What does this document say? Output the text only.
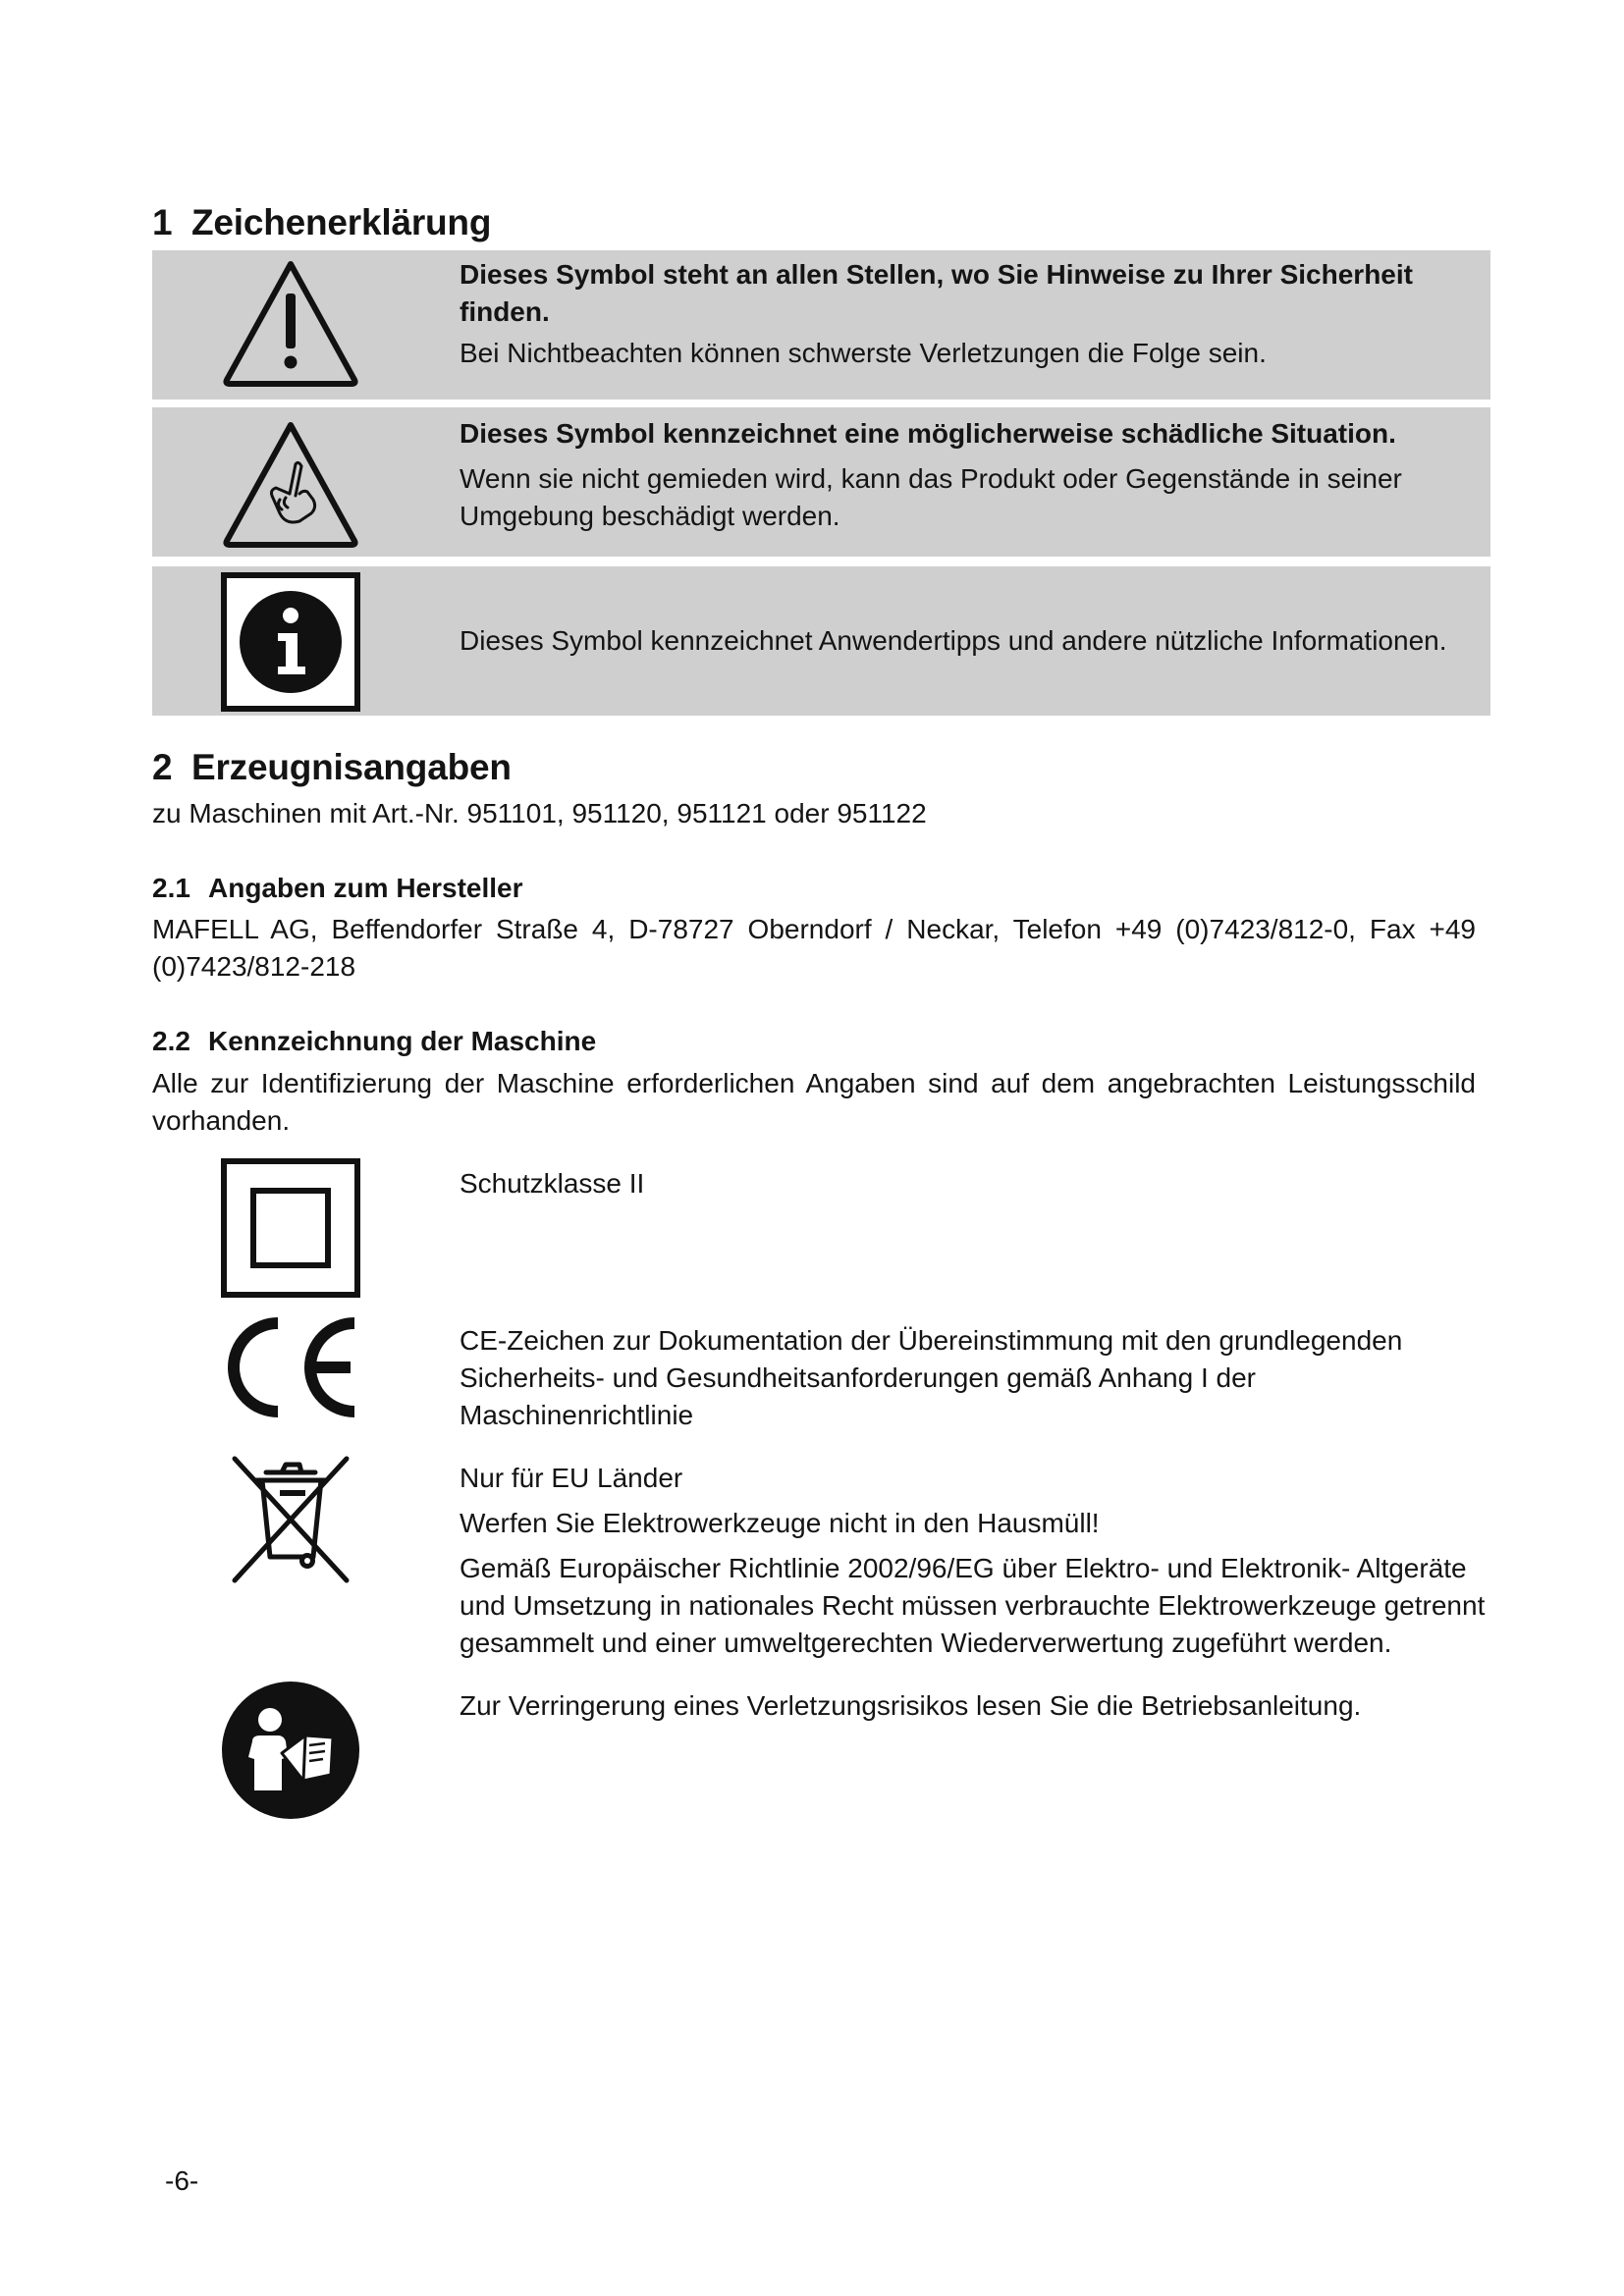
1 Zeichenerklärung
Dieses Symbol steht an allen Stellen, wo Sie Hinweise zu Ihrer Sicherheit finden.
Bei Nichtbeachten können schwerste Verletzungen die Folge sein.
Dieses Symbol kennzeichnet eine möglicherweise schädliche Situation.
Wenn sie nicht gemieden wird, kann das Produkt oder Gegenstände in seiner Umgebung beschädigt werden.
Dieses Symbol kennzeichnet Anwendertipps und andere nützliche Informationen.
2 Erzeugnisangaben
zu Maschinen mit Art.-Nr. 951101, 951120, 951121 oder 951122
2.1 Angaben zum Hersteller
MAFELL AG, Beffendorfer Straße 4, D-78727 Oberndorf / Neckar, Telefon +49 (0)7423/812-0, Fax +49 (0)7423/812-218
2.2 Kennzeichnung der Maschine
Alle zur Identifizierung der Maschine erforderlichen Angaben sind auf dem angebrachten Leistungsschild vorhanden.
Schutzklasse II
CE-Zeichen zur Dokumentation der Übereinstimmung mit den grundlegenden Sicherheits- und Gesundheitsanforderungen gemäß Anhang I der Maschinenrichtlinie
Nur für EU Länder
Werfen Sie Elektrowerkzeuge nicht in den Hausmüll!
Gemäß Europäischer Richtlinie 2002/96/EG über Elektro- und Elektronik- Altgeräte und Umsetzung in nationales Recht müssen verbrauchte Elektrowerkzeuge getrennt gesammelt und einer umweltgerechten Wiederverwertung zugeführt werden.
Zur Verringerung eines Verletzungsrisikos lesen Sie die Betriebsanleitung.
-6-
